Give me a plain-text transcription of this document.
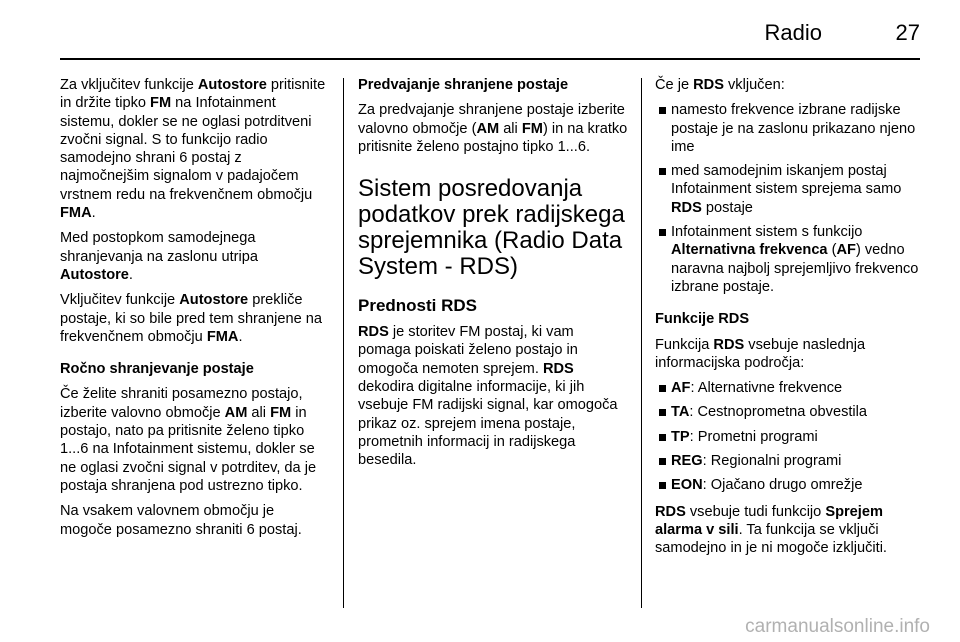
Radio	27

Za vključitev funkcije Autostore pritisnite in držite tipko FM na Infotainment sistemu, dokler se ne oglasi potrditveni zvočni signal. S to funkcijo radio samodejno shrani 6 postaj z najmočnejšim signalom v padajočem vrstnem redu na frekvenčnem območju FMA.

Med postopkom samodejnega shranjevanja na zaslonu utripa Autostore.

Vključitev funkcije Autostore prekliče postaje, ki so bile pred tem shranjene na frekvenčnem območju FMA.

Ročno shranjevanje postaje

Če želite shraniti posamezno postajo, izberite valovno območje AM ali FM in postajo, nato pa pritisnite želeno tipko 1...6 na Infotainment sistemu, dokler se ne oglasi zvočni signal v potrditev, da je postaja shranjena pod ustrezno tipko.

Na vsakem valovnem območju je mogoče posamezno shraniti 6 postaj.

Predvajanje shranjene postaje

Za predvajanje shranjene postaje izberite valovno območje (AM ali FM) in na kratko pritisnite želeno postajno tipko 1...6.

Sistem posredovanja podatkov prek radijskega sprejemnika (Radio Data System - RDS)

Prednosti RDS

RDS je storitev FM postaj, ki vam pomaga poiskati želeno postajo in omogoča nemoten sprejem. RDS dekodira digitalne informacije, ki jih vsebuje FM radijski signal, kar omogoča prikaz oz. sprejem imena postaje, prometnih informacij in radijskega besedila.

Če je RDS vključen:

namesto frekvence izbrane radijske postaje je na zaslonu prikazano njeno ime
med samodejnim iskanjem postaj Infotainment sistem sprejema samo RDS postaje
Infotainment sistem s funkcijo Alternativna frekvenca (AF) vedno naravna najbolj sprejemljivo frekvenco izbrane postaje.

Funkcije RDS

Funkcija RDS vsebuje naslednja informacijska področja:

AF: Alternativne frekvence
TA: Cestnoprometna obvestila
TP: Prometni programi
REG: Regionalni programi
EON: Ojačano drugo omrežje

RDS vsebuje tudi funkcijo Sprejem alarma v sili. Ta funkcija se vključi samodejno in je ni mogoče izključiti.

carmanualsonline.info
